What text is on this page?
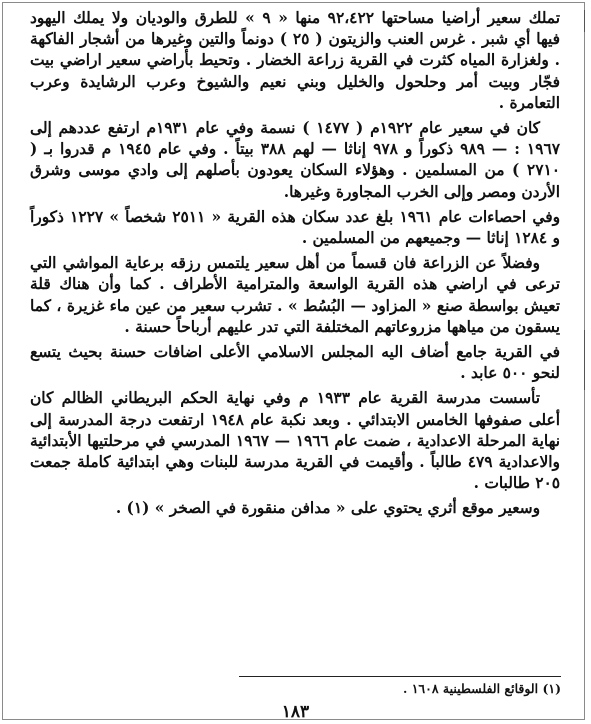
تملك سعير أراضيا مساحتها ٩٢،٤٢٢ منها « ٩ » للطرق والوديان ولا يملك اليهود فيها أي شبر . غرس العنب والزيتون ( ٢٥ ) دونماً والتين وغيرها من أشجار الفاكهة . ولغزارة المياه كثرت في القرية زراعة الخضار . وتحيط بأراضي سعير اراضي بيت فجّار وبيت أمر وحلحول والخليل وبني نعيم والشيوخ وعرب الرشايدة وعرب التعامرة .

كان في سعير عام ١٩٢٢م ( ١٤٧٧ ) نسمة وفي عام ١٩٣١م ارتفع عددهم إلى ١٩٦٧ : — ٩٨٩ ذكوراً و ٩٧٨ إناثا — لهم ٣٨٨ بيتاً . وفي عام ١٩٤٥ م قدروا بـ ( ٢٧١٠ ) من المسلمين . وهؤلاء السكان يعودون بأصلهم إلى وادي موسى وشرق الأردن ومصر وإلى الخرب المجاورة وغيرها.

وفي احصاءات عام ١٩٦١ بلغ عدد سكان هذه القرية « ٢٥١١ شخصاً » ١٢٢٧ ذكوراً و ١٢٨٤ إناثا — وجميعهم من المسلمين .

وفضلاً عن الزراعة فان قسماً من أهل سعير يلتمس رزقه برعاية المواشي التي ترعى في اراضي هذه القرية الواسعة والمترامية الأطراف . كما وأن هناك قلة تعيش بواسطة صنع « المزاود — البُسُط » . تشرب سعير من عين ماء غزيرة ، كما يسقون من مياهها مزروعاتهم المختلفة التي تدر عليهم أرباحاً حسنة .

في القرية جامع أضاف اليه المجلس الاسلامي الأعلى اضافات حسنة بحيث يتسع لنحو ٥٠٠ عابد .

تأسست مدرسة القرية عام ١٩٣٣ م وفي نهاية الحكم البريطاني الظالم كان أعلى صفوفها الخامس الابتدائي . وبعد نكبة عام ١٩٤٨ ارتفعت درجة المدرسة إلى نهاية المرحلة الاعدادية ، ضمت عام ١٩٦٦ — ١٩٦٧ المدرسي في مرحلتيها الأبتدائية والاعدادية ٤٧٩ طالباً . وأقيمت في القرية مدرسة للبنات وهي ابتدائية كاملة جمعت ٢٠٥ طالبات .

وسعير موقع أثري يحتوي على « مدافن منقورة في الصخر » (١) .

(١) الوقائع الفلسطينية ١٦٠٨ .
١٨٣
